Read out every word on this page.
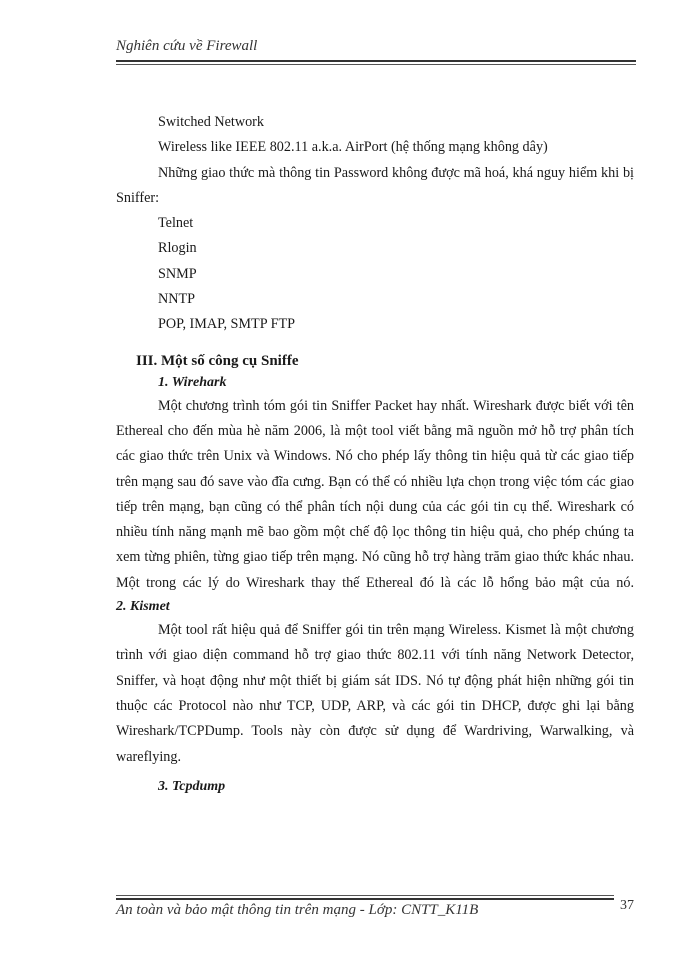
Nghiên cứu về Firewall
Switched Network
Wireless like IEEE 802.11 a.k.a. AirPort (hệ thống mạng không dây)

Những giao thức mà thông tin Password không được mã hoá, khá nguy hiểm khi bị Sniffer:

Telnet
Rlogin
SNMP
NNTP
POP, IMAP, SMTP FTP
III. Một số công cụ Sniffe
1. Wirehark

Một chương trình tóm gói tin Sniffer Packet hay nhất. Wireshark được biết với tên Ethereal cho đến mùa hè năm 2006, là một tool viết bằng mã nguồn mở hỗ trợ phân tích các giao thức trên Unix và Windows. Nó cho phép lấy thông tin hiệu quả từ các giao tiếp trên mạng sau đó save vào đĩa cưng. Bạn có thể có nhiều lựa chọn trong việc tóm các giao tiếp trên mạng, bạn cũng có thể phân tích nội dung của các gói tin cụ thể. Wireshark có nhiều tính năng mạnh mẽ bao gồm một chế độ lọc thông tin hiệu quả, cho phép chúng ta xem từng phiên, từng giao tiếp trên mạng. Nó cũng hỗ trợ hàng trăm giao thức khác nhau. Một trong các lý do Wireshark thay thế Ethereal đó là các lỗ hổng bảo mật của nó.

2. Kismet

Một tool rất hiệu quả để Sniffer gói tin trên mạng Wireless. Kismet là một chương trình với giao diện command hỗ trợ giao thức 802.11 với tính năng Network Detector, Sniffer, và hoạt động như một thiết bị giám sát IDS. Nó tự động phát hiện những gói tin thuộc các Protocol nào như TCP, UDP, ARP, và các gói tin DHCP, được ghi lại bằng Wireshark/TCPDump. Tools này còn được sử dụng để Wardriving, Warwalking, và wareflying.

3. Tcpdump
An toàn và bảo mật thông tin trên mạng - Lớp: CNTT_K11B	37
